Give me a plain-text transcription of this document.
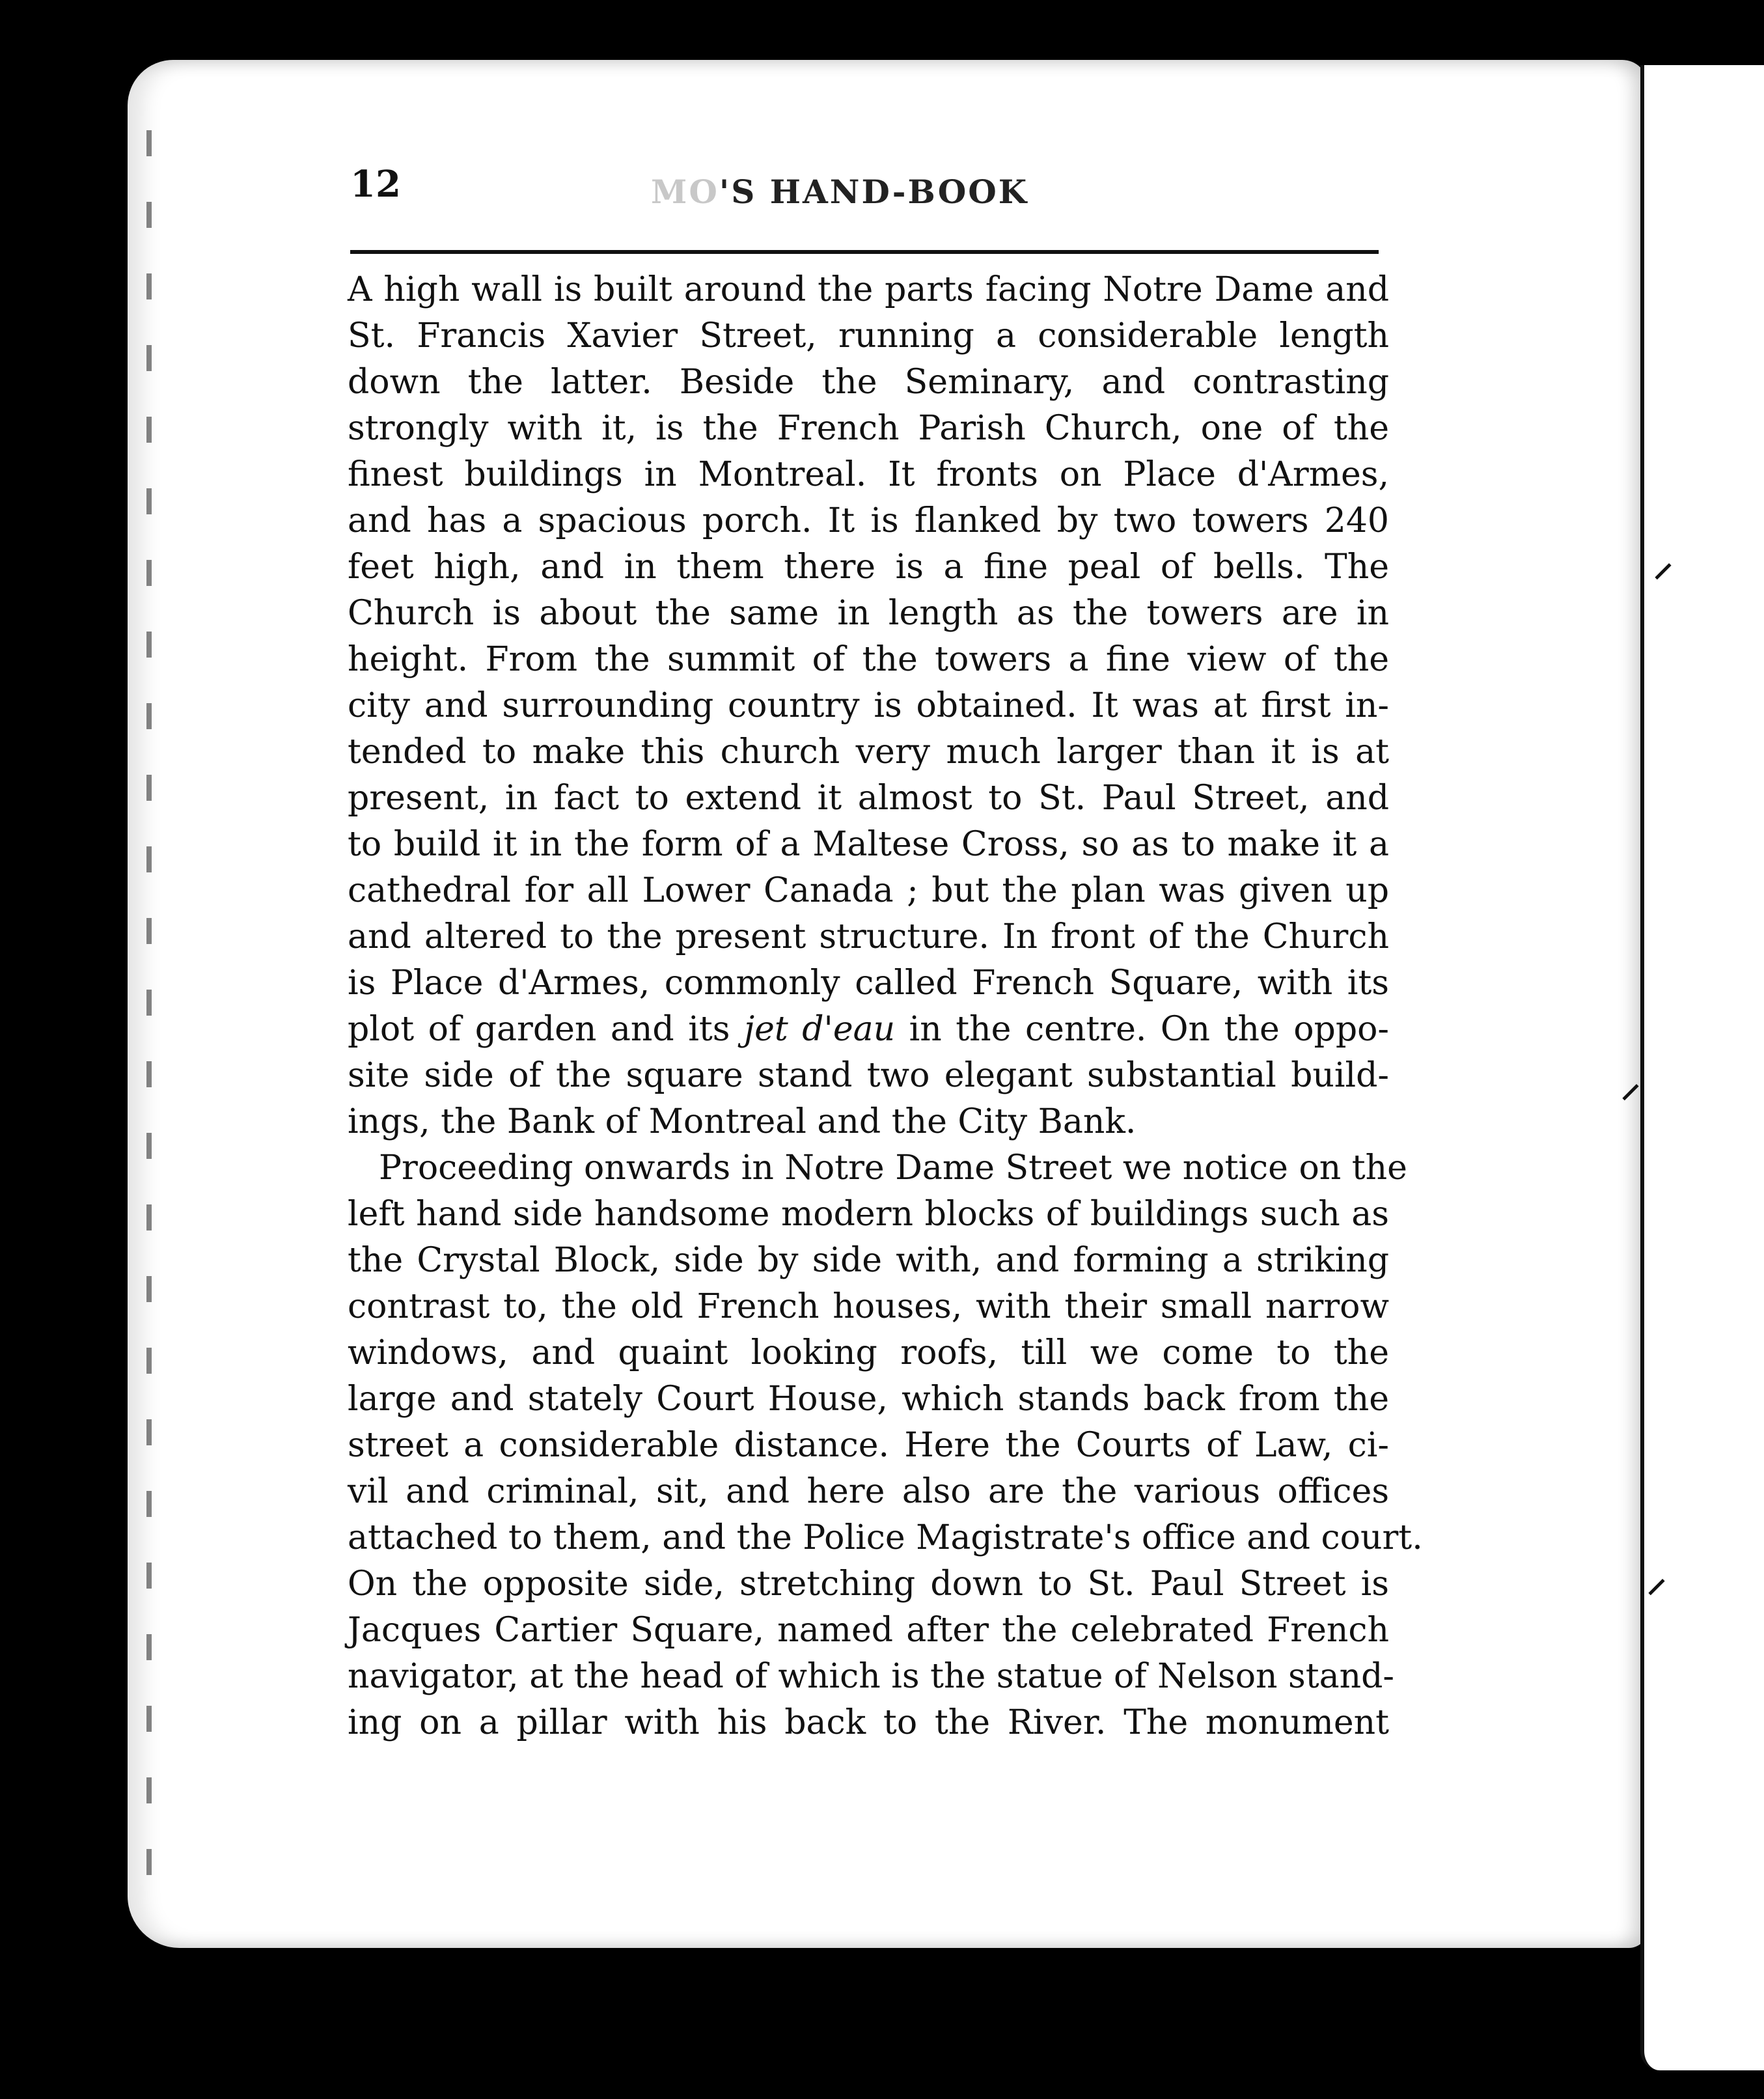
⸝
⸝
⸝
12	MO'S HAND-BOOK
A high wall is built around the parts facing Notre Dame and
St. Francis Xavier Street, running a considerable length
down the latter. Beside the Seminary, and contrasting
strongly with it, is the French Parish Church, one of the
finest buildings in Montreal. It fronts on Place d'Armes,
and has a spacious porch. It is flanked by two towers 240
feet high, and in them there is a fine peal of bells. The
Church is about the same in length as the towers are in
height. From the summit of the towers a fine view of the
city and surrounding country is obtained. It was at first in-
tended to make this church very much larger than it is at
present, in fact to extend it almost to St. Paul Street, and
to build it in the form of a Maltese Cross, so as to make it a
cathedral for all Lower Canada ; but the plan was given up
and altered to the present structure. In front of the Church
is Place d'Armes, commonly called French Square, with its
plot of garden and its jet d'eau in the centre. On the oppo-
site side of the square stand two elegant substantial build-
ings, the Bank of Montreal and the City Bank.
Proceeding onwards in Notre Dame Street we notice on the
left hand side handsome modern blocks of buildings such as
the Crystal Block, side by side with, and forming a striking
contrast to, the old French houses, with their small narrow
windows, and quaint looking roofs, till we come to the
large and stately Court House, which stands back from the
street a considerable distance. Here the Courts of Law, ci-
vil and criminal, sit, and here also are the various offices
attached to them, and the Police Magistrate's office and court.
On the opposite side, stretching down to St. Paul Street is
Jacques Cartier Square, named after the celebrated French
navigator, at the head of which is the statue of Nelson stand-
ing on a pillar with his back to the River. The monument
